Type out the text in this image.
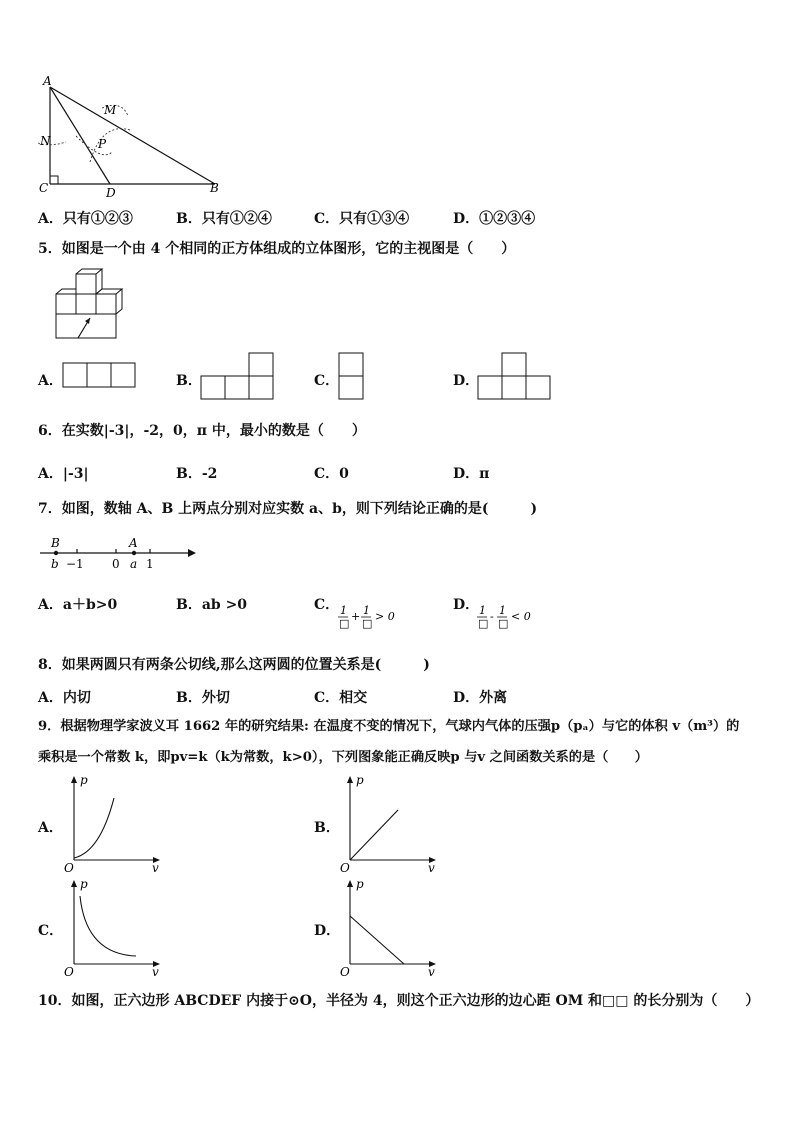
A
M
N	P
C	D	B
A．只有①②③	B．只有①②④	C．只有①③④	D．①②③④
5．如图是一个由 4 个相同的正方体组成的立体图形，它的主视图是（　　）
A．	B．	C．	D．
6．在实数|-3|，-2，0，π 中，最小的数是（　　）
A．|-3|	B．-2	C．0	D．π
7．如图，数轴 A、B 上两点分别对应实数 a、b，则下列结论正确的是(　　　)
B	A
b −1 0 a 1
A．a＋b>0	B．ab >0	C． 1
□
+ 1
□
> 0
D． 1
□
- 1
□
< 0
8．如果两圆只有两条公切线,那么这两圆的位置关系是(　　　)
A．内切	B．外切	C．相交	D．外离
9．根据物理学家波义耳 1662 年的研究结果: 在温度不变的情况下，气球内气体的压强p（pₐ）与它的体积 v（m³）的
乘积是一个常数 k，即pv=k（k为常数，k>0），下列图象能正确反映p 与v 之间函数关系的是（　　）
A．
p
v
O
B．
p
v
O
C．
p
v
O
D．
p
v
O
10．如图，正六边形 ABCDEF 内接于⊙O，半径为 4，则这个正六边形的边心距 OM 和□□ 的长分别为（　　）
